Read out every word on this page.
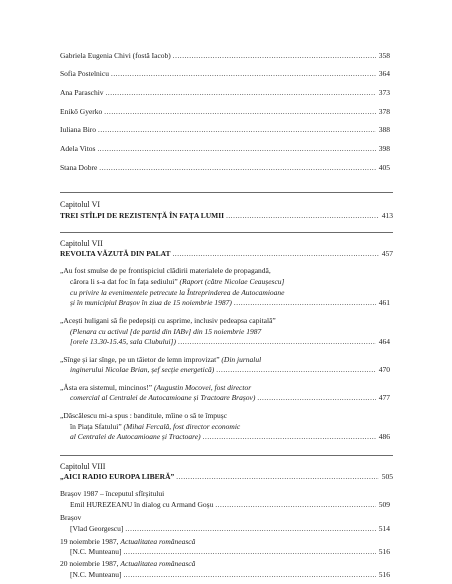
Gabriela Eugenia Chivi (fostă Iacob) .....	358
Sofia Postelnicu .....	364
Ana Paraschiv .....	373
Enikő Gyerko .....	378
Iuliana Biro .....	388
Adela Vitos .....	398
Stana Dobre .....	405
Capitolul VI
TREI STÎLPI DE REZISTENȚĂ ÎN FAȚA LUMII .....	413
Capitolul VII
REVOLTA VĂZUTĂ DIN PALAT .....	457
„Au fost smulse de pe frontispiciul clădirii materialele de propagandă,
cărora li s-a dat foc în fața sediului” (Raport (către Nicolae Ceaușescu]
cu privire la evenimentele petrecute la Întreprinderea de Autocamioane
și în municipiul Brașov în ziua de 15 noiembrie 1987) .....	461
„Acești huligani să fie pedepsiți cu asprime, inclusiv pedeapsa capitală”
(Plenara cu activul [de partid din IABv] din 15 noiembrie 1987
[orele 13.30-15.45, sala Clubului]) .....	464
„Sînge și iar sînge, pe un tăietor de lemn improvizat” (Din jurnalul
inginerului Nicolae Brian, șef secție energetică) .....	470
„Ăsta era sistemul, mincinos!” (Augustin Mocovei, fost director
comercial al Centralei de Autocamioane și Tractoare Brașov) .....	477
„Dăscălescu mi-a spus : banditule, mîine o să te împușc
în Piața Sfatului” (Mihai Fercală, fost director economic
al Centralei de Autocamioane și Tractoare) .....	486
Capitolul VIII
„AICI RADIO EUROPA LIBERĂ” .....	505
Brașov 1987 – începutul sfîrșitului
Emil HUREZEANU în dialog cu Armand Goșu .....	509
Brașov
[Vlad Georgescu] .....	514
19 noiembrie 1987, Actualitatea românească
[N.C. Munteanu] .....	516
20 noiembrie 1987, Actualitatea românească
[N.C. Munteanu] .....	516
